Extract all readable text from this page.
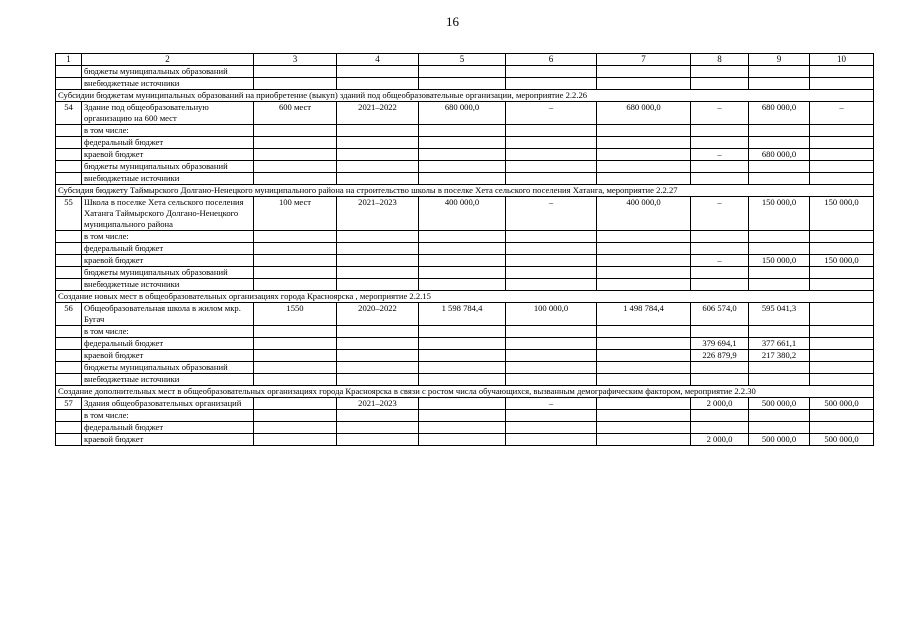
16
1	2	3	4	5	6	7	8	9	10
	бюджеты муниципальных образований								
	внебюджетные источники								
Субсидии бюджетам муниципальных образований на приобретение (выкуп) зданий под общеобразовательные организации, мероприятие 2.2.26									
54	Здание под общеобразовательную организацию на 600 мест	600 мест	2021–2022	680 000,0	–	680 000,0	–	680 000,0	–
	в том числе:								
	федеральный бюджет								
	краевой бюджет						–	680 000,0	
	бюджеты муниципальных образований								
	внебюджетные источники								
Субсидия бюджету Таймырского Долгано-Ненецкого муниципального района на строительство школы в поселке Хета сельского поселения Хатанга, мероприятие 2.2.27									
55	Школа в поселке Хета сельского поселения Хатанга Таймырского Долгано-Ненецкого муниципального района	100 мест	2021–2023	400 000,0	–	400 000,0	–	150 000,0	150 000,0
	в том числе:								
	федеральный бюджет								
	краевой бюджет						–	150 000,0	150 000,0
	бюджеты муниципальных образований								
	внебюджетные источники								
Создание новых мест в общеобразовательных организациях города Красноярска , мероприятие 2.2.15									
56	Общеобразовательная школа в жилом мкр. Бугач	1550	2020–2022	1 598 784,4	100 000,0	1 498 784,4	606 574,0	595 041,3	
	в том числе:								
	федеральный бюджет						379 694,1	377 661,1	
	краевой бюджет						226 879,9	217 380,2	
	бюджеты муниципальных образований								
	внебюджетные источники								
Создание дополнительных мест в общеобразовательных организациях города Красноярска в связи с ростом числа обучающихся, вызванным демографическим фактором, мероприятие 2.2.30									
57	Здания общеобразовательных организаций		2021–2023		–		2 000,0	500 000,0	500 000,0
	в том числе:								
	федеральный бюджет								
	краевой бюджет						2 000,0	500 000,0	500 000,0
